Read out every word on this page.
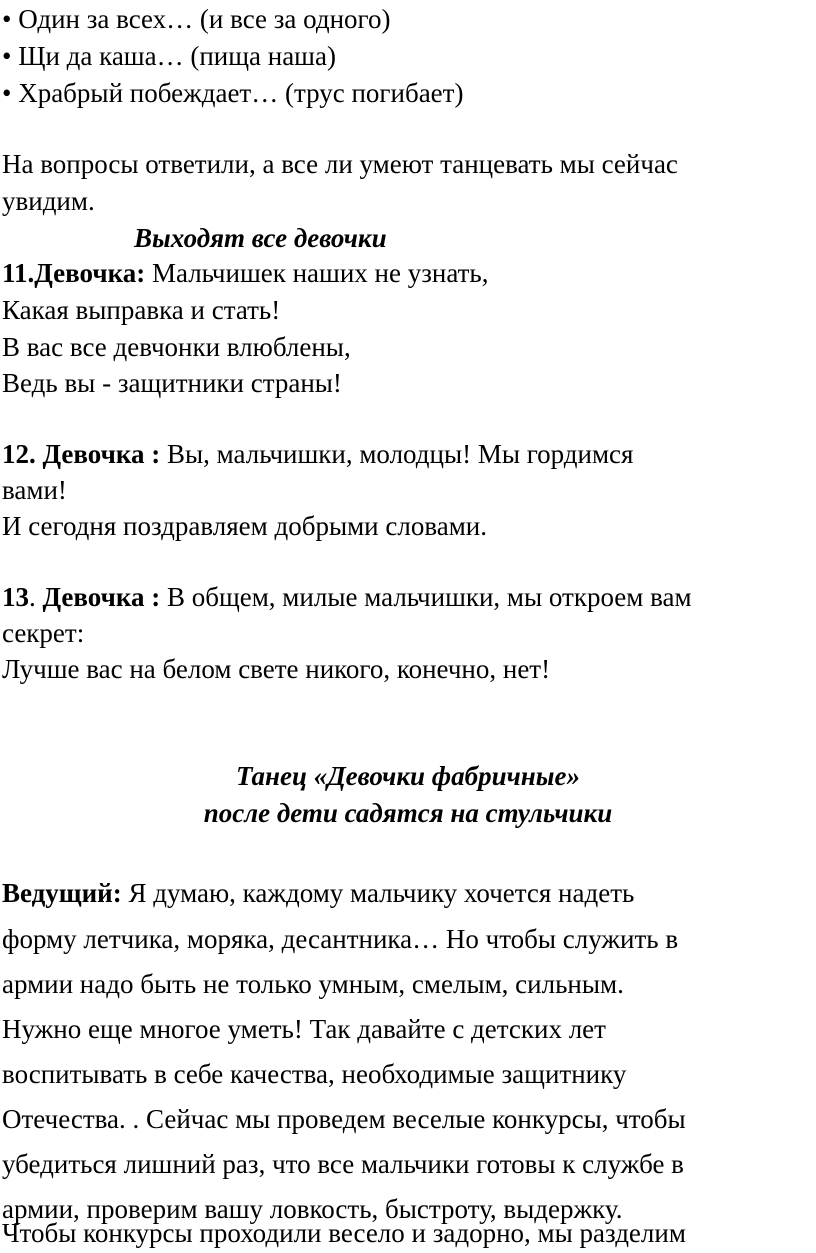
• Один за всех… (и все за одного)
• Щи да каша… (пища наша)
• Храбрый побеждает… (трус погибает)
На вопросы ответили, а все ли умеют танцевать мы сейчас
увидим.
Выходят все девочки
11.Девочка: Мальчишек наших не узнать,
Какая выправка и стать!
В вас все девчонки влюблены,
Ведь вы - защитники страны!
12. Девочка : Вы, мальчишки, молодцы! Мы гордимся
вами!
И сегодня поздравляем добрыми словами.
13. Девочка : В общем, милые мальчишки, мы откроем вам
секрет:
Лучше вас на белом свете никого, конечно, нет!
Танец «Девочки фабричные»
после дети садятся на стульчики
Ведущий: Я думаю, каждому мальчику хочется надеть
форму летчика, моряка, десантника… Но чтобы служить в
армии надо быть не только умным, смелым, сильным.
Нужно еще многое уметь! Так давайте с детских лет
воспитывать в себе качества, необходимые защитнику
Отечества. . Сейчас мы проведем веселые конкурсы, чтобы
убедиться лишний раз, что все мальчики готовы к службе в
армии, проверим вашу ловкость, быстроту, выдержку.
Чтобы конкурсы проходили весело и задорно, мы разделим
